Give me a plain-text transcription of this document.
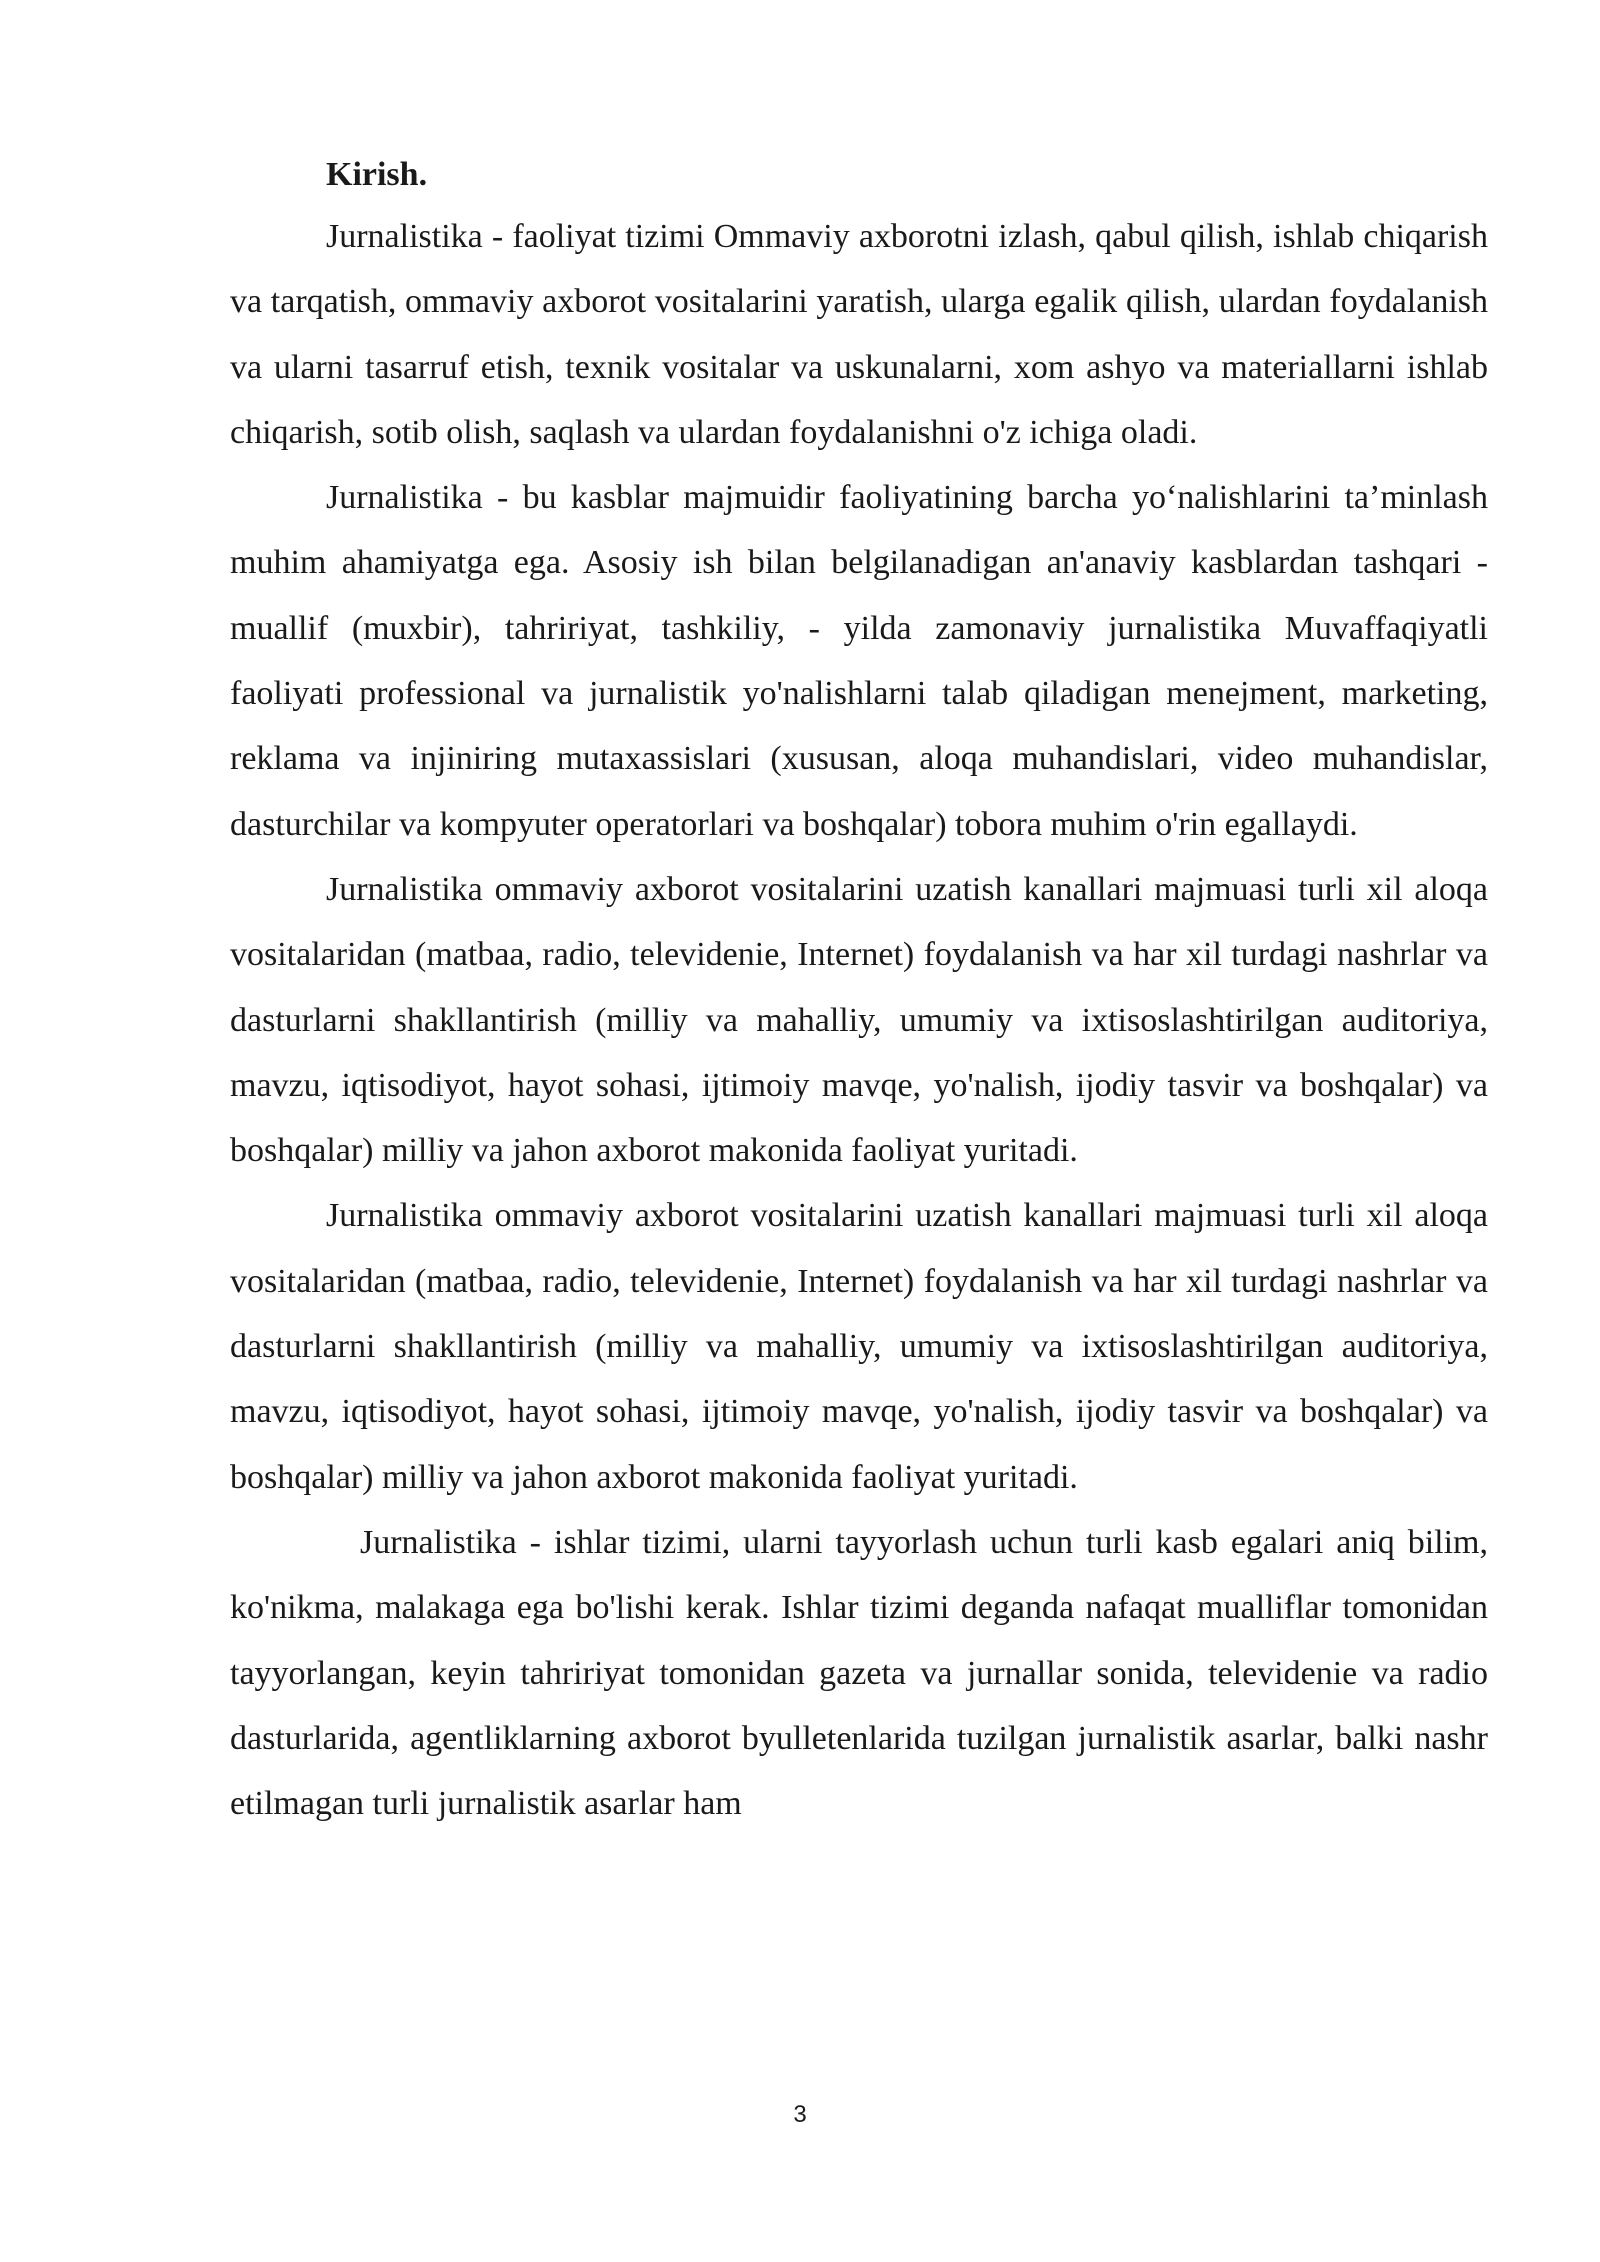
Kirish.

Jurnalistika - faoliyat tizimi Ommaviy axborotni izlash, qabul qilish, ishlab chiqarish va tarqatish, ommaviy axborot vositalarini yaratish, ularga egalik qilish, ulardan foydalanish va ularni tasarruf etish, texnik vositalar va uskunalarni, xom ashyo va materiallarni ishlab chiqarish, sotib olish, saqlash va ulardan foydalanishni o'z ichiga oladi.

Jurnalistika - bu kasblar majmuidir faoliyatining barcha yo‘nalishlarini ta’minlash muhim ahamiyatga ega. Asosiy ish bilan belgilanadigan an'anaviy kasblardan tashqari - muallif (muxbir), tahririyat, tashkiliy, - yilda zamonaviy jurnalistika Muvaffaqiyatli faoliyati professional va jurnalistik yo'nalishlarni talab qiladigan menejment, marketing, reklama va injiniring mutaxassislari (xususan, aloqa muhandislari, video muhandislar, dasturchilar va kompyuter operatorlari va boshqalar) tobora muhim o'rin egallaydi.

Jurnalistika ommaviy axborot vositalarini uzatish kanallari majmuasi turli xil aloqa vositalaridan (matbaa, radio, televidenie, Internet) foydalanish va har xil turdagi nashrlar va dasturlarni shakllantirish (milliy va mahalliy, umumiy va ixtisoslashtirilgan auditoriya, mavzu, iqtisodiyot, hayot sohasi, ijtimoiy mavqe, yo'nalish, ijodiy tasvir va boshqalar) va boshqalar) milliy va jahon axborot makonida faoliyat yuritadi.

Jurnalistika ommaviy axborot vositalarini uzatish kanallari majmuasi turli xil aloqa vositalaridan (matbaa, radio, televidenie, Internet) foydalanish va har xil turdagi nashrlar va dasturlarni shakllantirish (milliy va mahalliy, umumiy va ixtisoslashtirilgan auditoriya, mavzu, iqtisodiyot, hayot sohasi, ijtimoiy mavqe, yo'nalish, ijodiy tasvir va boshqalar) va boshqalar) milliy va jahon axborot makonida faoliyat yuritadi.

Jurnalistika - ishlar tizimi, ularni tayyorlash uchun turli kasb egalari aniq bilim, ko'nikma, malakaga ega bo'lishi kerak. Ishlar tizimi deganda nafaqat mualliflar tomonidan tayyorlangan, keyin tahririyat tomonidan gazeta va jurnallar sonida, televidenie va radio dasturlarida, agentliklarning axborot byulletenlarida tuzilgan jurnalistik asarlar, balki nashr etilmagan turli jurnalistik asarlar ham

3
